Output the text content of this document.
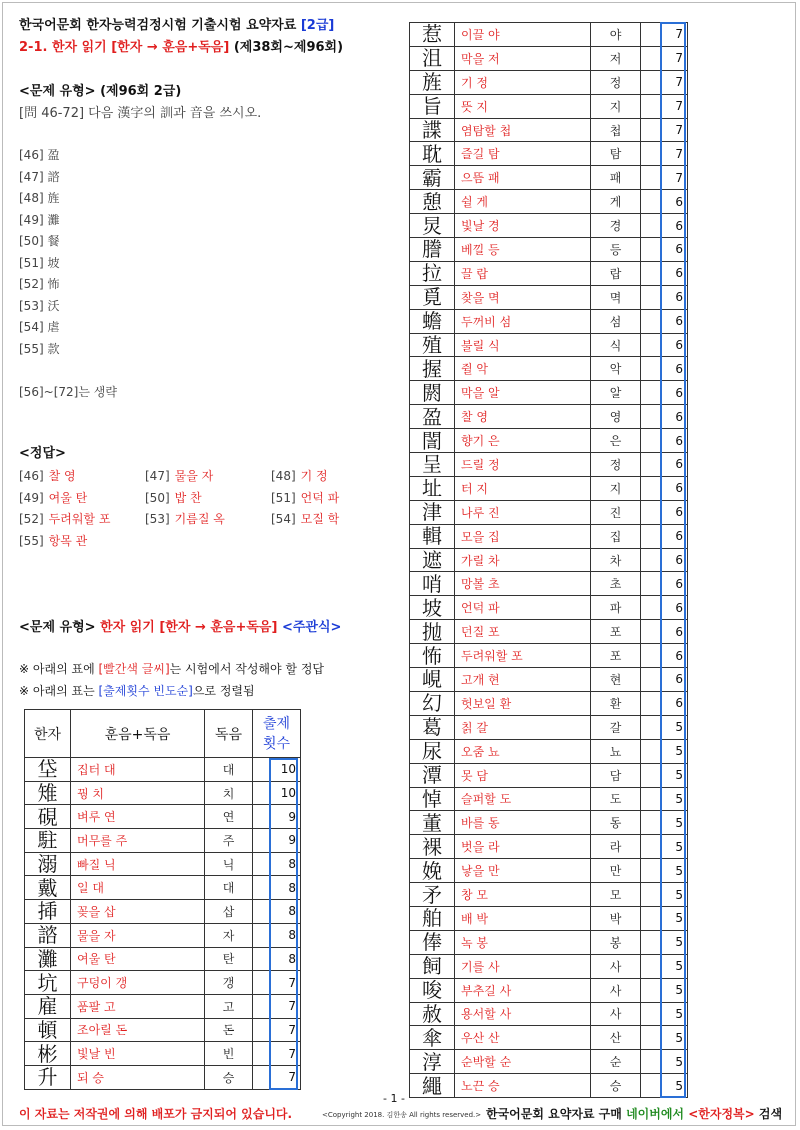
한국어문회 한자능력검정시험 기출시험 요약자료 [2급]
2-1. 한자 읽기 [한자 → 훈음+독음] (제38회~제96회)
<문제 유형> (제96회 2급)
[問 46-72] 다음 漢字의 訓과 音을 쓰시오.
[46] 盈
[47] 諮
[48] 旌
[49] 灘
[50] 餐
[51] 坡
[52] 怖
[53] 沃
[54] 虐
[55] 款
[56]~[72]는 생략
<정답>
[46] 찰 영	[47] 물을 자	[48] 기 정
[49] 여울 탄	[50] 밥 찬	[51] 언덕 파
[52] 두려워할 포	[53] 기름질 옥	[54] 모질 학
[55] 항목 관
<문제 유형> 한자 읽기 [한자 → 훈음+독음] <주관식>
※ 아래의 표에 [빨간색 글씨]는 시험에서 작성해야 할 정답
※ 아래의 표는 [출제횟수 빈도순]으로 정렬됨
한자	훈음+독음	독음	출제
횟수

垈	집터 대	대	10
雉	꿩 치	치	10
硯	벼루 연	연	9
駐	머무를 주	주	9
溺	빠질 닉	닉	8
戴	일 대	대	8
揷	꽂을 삽	삽	8
諮	물을 자	자	8
灘	여울 탄	탄	8
坑	구덩이 갱	갱	7
雇	품팔 고	고	7
頓	조아릴 돈	돈	7
彬	빛날 빈	빈	7
升	되 승	승	7
惹	이끌 야	야	7
沮	막을 저	저	7
旌	기 정	정	7
旨	뜻 지	지	7
諜	염탐할 첩	첩	7
耽	즐길 탐	탐	7
霸	으뜸 패	패	7
憩	쉴 게	게	6
炅	빛날 경	경	6
謄	베낄 등	등	6
拉	끌 랍	랍	6
覓	찾을 멱	멱	6
蟾	두꺼비 섬	섬	6
殖	불릴 식	식	6
握	쥘 악	악	6
閼	막을 알	알	6
盈	찰 영	영	6
誾	향기 은	은	6
呈	드릴 정	정	6
址	터 지	지	6
津	나루 진	진	6
輯	모을 집	집	6
遮	가릴 차	차	6
哨	망볼 초	초	6
坡	언덕 파	파	6
抛	던질 포	포	6
怖	두려워할 포	포	6
峴	고개 현	현	6
幻	헛보일 환	환	6
葛	칡 갈	갈	5
尿	오줌 뇨	뇨	5
潭	못 담	담	5
悼	슬퍼할 도	도	5
董	바를 동	동	5
裸	벗을 라	라	5
娩	낳을 만	만	5
矛	창 모	모	5
舶	배 박	박	5
俸	녹 봉	봉	5
飼	기를 사	사	5
唆	부추길 사	사	5
赦	용서할 사	사	5
傘	우산 산	산	5
淳	순박할 순	순	5
繩	노끈 승	승	5
- 1 -
이 자료는 저작권에 의해 배포가 금지되어 있습니다.	<Copyright 2018. 김한송 All rights reserved.> 한국어문회 요약자료 구매 네이버에서 <한자정복> 검색
